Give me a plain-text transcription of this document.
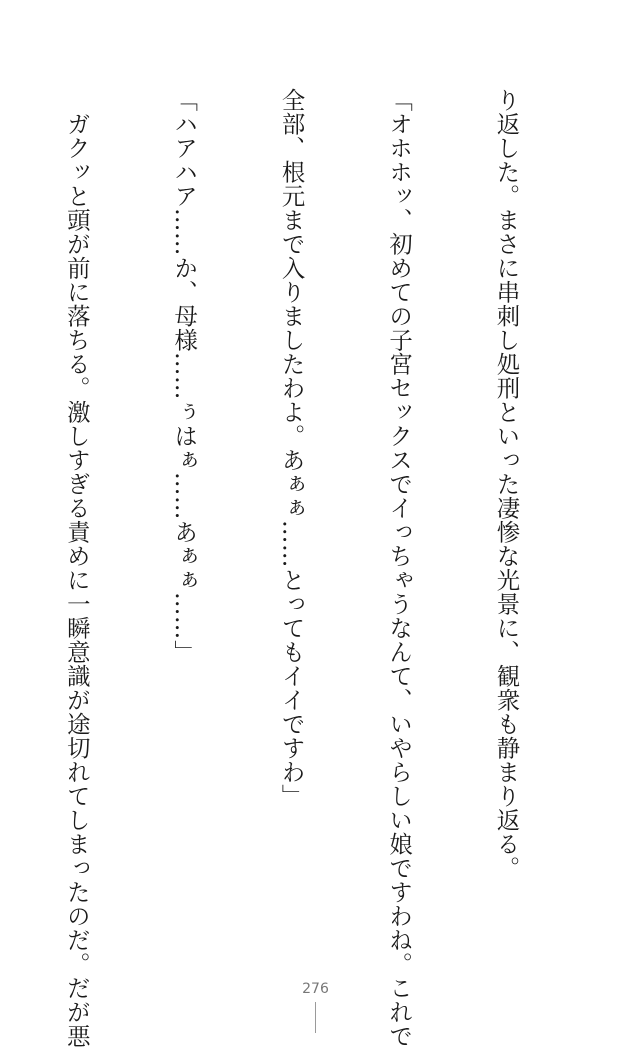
り返した。まさに串刺し処刑といった凄惨な光景に、観衆も静まり返る。

「オホホッ、初めての子宮セックスでイっちゃうなんて、いやらしい娘ですわね。これで

全部、根元まで入りましたわよ。あぁぁ……とってもイイですわ」

「ハアハア……か、母様……ぅはぁ……あぁぁ……」

　ガクッと頭が前に落ちる。激しすぎる責めに一瞬意識が途切れてしまったのだ。だが悪

	276
